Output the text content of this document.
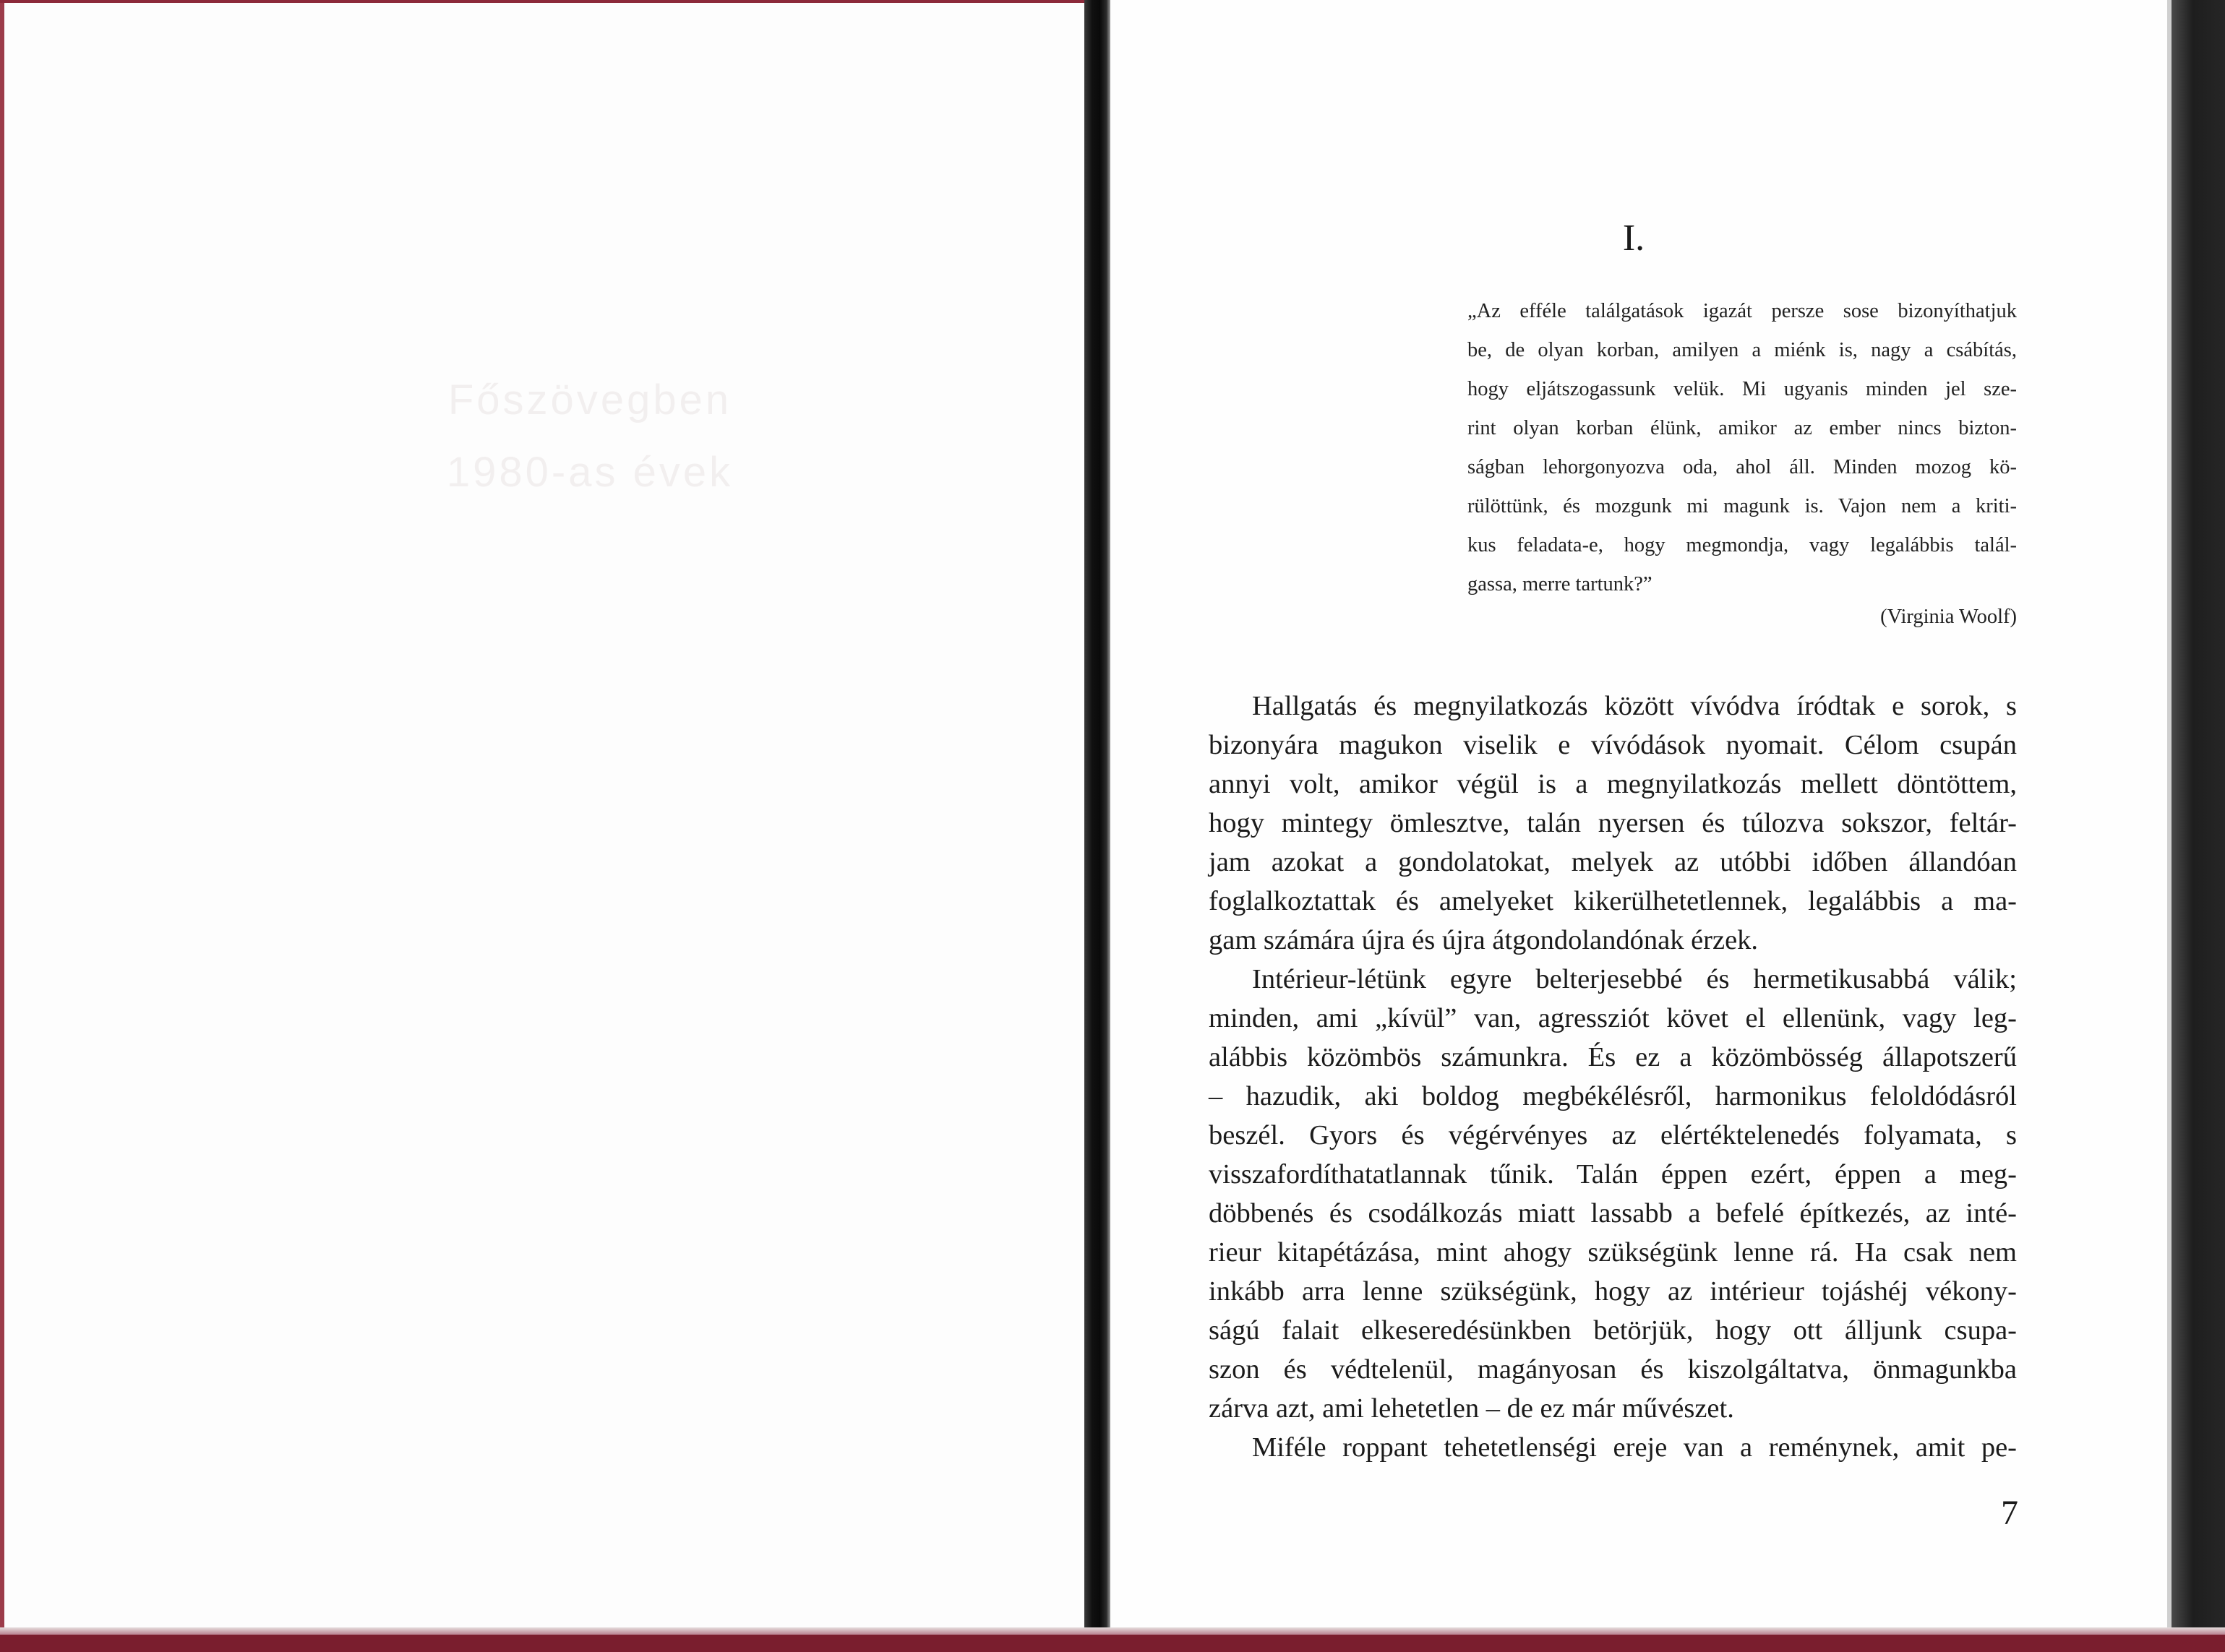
Főszövegben
1980-as évek
I.
„Az efféle találgatások igazát persze sose bizonyíthatjuk
be, de olyan korban, amilyen a miénk is, nagy a csábítás,
hogy eljátszogassunk velük. Mi ugyanis minden jel sze-
rint olyan korban élünk, amikor az ember nincs bizton-
ságban lehorgonyozva oda, ahol áll. Minden mozog kö-
rülöttünk, és mozgunk mi magunk is. Vajon nem a kriti-
kus feladata-e, hogy megmondja, vagy legalábbis talál-
gassa, merre tartunk?”
(Virginia Woolf)
Hallgatás és megnyilatkozás között vívódva íródtak e sorok, s
bizonyára magukon viselik e vívódások nyomait. Célom csupán
annyi volt, amikor végül is a megnyilatkozás mellett döntöttem,
hogy mintegy ömlesztve, talán nyersen és túlozva sokszor, feltár-
jam azokat a gondolatokat, melyek az utóbbi időben állandóan
foglalkoztattak és amelyeket kikerülhetetlennek, legalábbis a ma-
gam számára újra és újra átgondolandónak érzek.
Intérieur-létünk egyre belterjesebbé és hermetikusabbá válik;
minden, ami „kívül” van, agressziót követ el ellenünk, vagy leg-
alábbis közömbös számunkra. És ez a közömbösség állapotszerű
– hazudik, aki boldog megbékélésről, harmonikus feloldódásról
beszél. Gyors és végérvényes az elértéktelenedés folyamata, s
visszafordíthatatlannak tűnik. Talán éppen ezért, éppen a meg-
döbbenés és csodálkozás miatt lassabb a befelé építkezés, az inté-
rieur kitapétázása, mint ahogy szükségünk lenne rá. Ha csak nem
inkább arra lenne szükségünk, hogy az intérieur tojáshéj vékony-
ságú falait elkeseredésünkben betörjük, hogy ott álljunk csupa-
szon és védtelenül, magányosan és kiszolgáltatva, önmagunkba
zárva azt, ami lehetetlen – de ez már művészet.
Miféle roppant tehetetlenségi ereje van a reménynek, amit pe-
7
